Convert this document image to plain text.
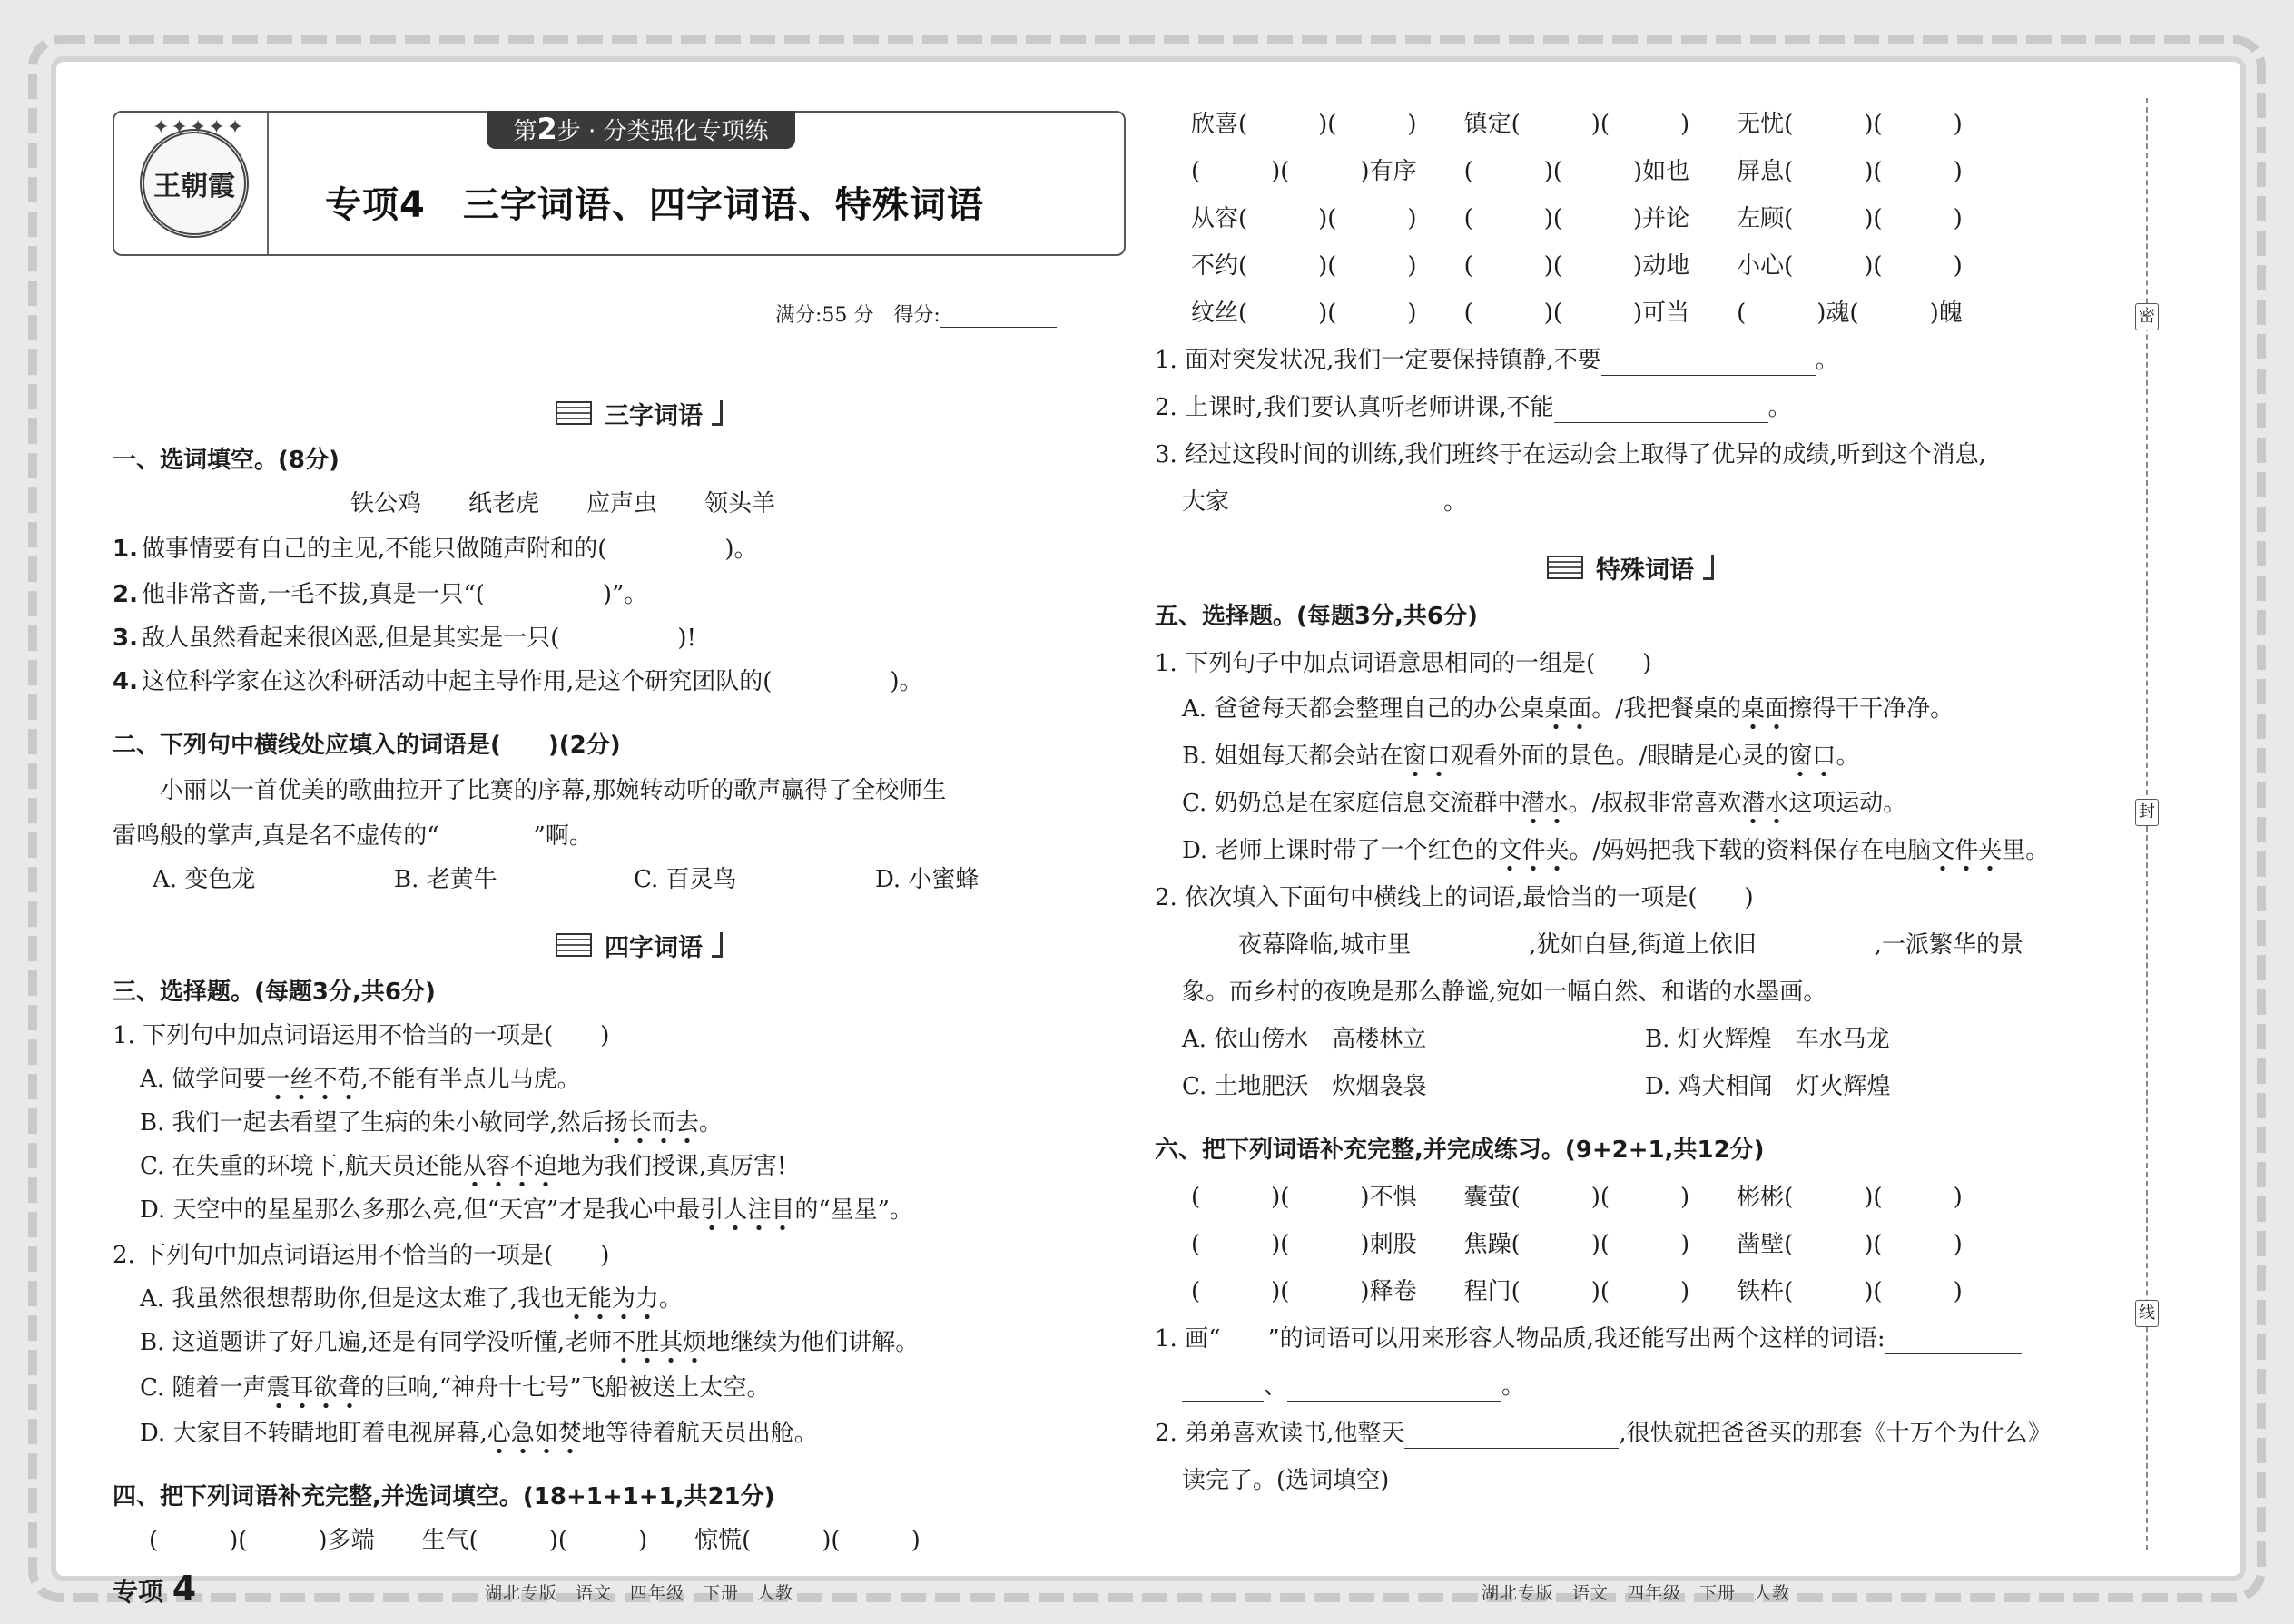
✦✦✦✦✦
王朝霞
第2步 · 分类强化专项练
专项4　三字词语、四字词语、特殊词语
满分:55 分　得分:
三字词语
一、选词填空。(8分)
铁公鸡　　纸老虎　　应声虫　　领头羊
1. 做事情要有自己的主见,不能只做随声附和的(　　　　　)。
2. 他非常吝啬,一毛不拔,真是一只“(　　　　　)”。
3. 敌人虽然看起来很凶恶,但是其实是一只(　　　　　)!
4. 这位科学家在这次科研活动中起主导作用,是这个研究团队的(　　　　　)。
二、下列句中横线处应填入的词语是(　　)(2分)
小丽以一首优美的歌曲拉开了比赛的序幕,那婉转动听的歌声赢得了全校师生
雷鸣般的掌声,真是名不虚传的“　　　　”啊。
A. 变色龙	B. 老黄牛	C. 百灵鸟	D. 小蜜蜂
四字词语
三、选择题。(每题3分,共6分)
1. 下列句中加点词语运用不恰当的一项是(　　)
A. 做学问要一丝不苟,不能有半点儿马虎。
B. 我们一起去看望了生病的朱小敏同学,然后扬长而去。
C. 在失重的环境下,航天员还能从容不迫地为我们授课,真厉害!
D. 天空中的星星那么多那么亮,但“天宫”才是我心中最引人注目的“星星”。
2. 下列句中加点词语运用不恰当的一项是(　　)
A. 我虽然很想帮助你,但是这太难了,我也无能为力。
B. 这道题讲了好几遍,还是有同学没听懂,老师不胜其烦地继续为他们讲解。
C. 随着一声震耳欲聋的巨响,“神舟十七号”飞船被送上太空。
D. 大家目不转睛地盯着电视屏幕,心急如焚地等待着航天员出舱。
四、把下列词语补充完整,并选词填空。(18+1+1+1,共21分)
(　　　)(　　　)多端　　生气(　　　)(　　　)　　惊慌(　　　)(　　　)
专项 4	湖北专版　语文　四年级　下册　人教
欣喜(　　　)(　　　)　　镇定(　　　)(　　　)　　无忧(　　　)(　　　)
(　　　)(　　　)有序　　(　　　)(　　　)如也　　屏息(　　　)(　　　)
从容(　　　)(　　　)　　(　　　)(　　　)并论　　左顾(　　　)(　　　)
不约(　　　)(　　　)　　(　　　)(　　　)动地　　小心(　　　)(　　　)
纹丝(　　　)(　　　)　　(　　　)(　　　)可当　　(　　　)魂(　　　)魄
1. 面对突发状况,我们一定要保持镇静,不要	。
2. 上课时,我们要认真听老师讲课,不能	。
3. 经过这段时间的训练,我们班终于在运动会上取得了优异的成绩,听到这个消息,
大家	。
特殊词语
五、选择题。(每题3分,共6分)
1. 下列句子中加点词语意思相同的一组是(　　)
A. 爸爸每天都会整理自己的办公桌桌面。/我把餐桌的桌面擦得干干净净。
B. 姐姐每天都会站在窗口观看外面的景色。/眼睛是心灵的窗口。
C. 奶奶总是在家庭信息交流群中潜水。/叔叔非常喜欢潜水这项运动。
D. 老师上课时带了一个红色的文件夹。/妈妈把我下载的资料保存在电脑文件夹里。
2. 依次填入下面句中横线上的词语,最恰当的一项是(　　)
夜幕降临,城市里　　　　　,犹如白昼,街道上依旧　　　　　,一派繁华的景
象。而乡村的夜晚是那么静谧,宛如一幅自然、和谐的水墨画。
A. 依山傍水　高楼林立	B. 灯火辉煌　车水马龙
C. 土地肥沃　炊烟袅袅	D. 鸡犬相闻　灯火辉煌
六、把下列词语补充完整,并完成练习。(9+2+1,共12分)
(　　　)(　　　)不惧　　囊萤(　　　)(　　　)　　彬彬(　　　)(　　　)
(　　　)(　　　)刺股　　焦躁(　　　)(　　　)　　凿壁(　　　)(　　　)
(　　　)(　　　)释卷　　程门(　　　)(　　　)　　铁杵(　　　)(　　　)
1. 画“　　”的词语可以用来形容人物品质,我还能写出两个这样的词语:
、	。
2. 弟弟喜欢读书,他整天	,很快就把爸爸买的那套《十万个为什么》
读完了。(选词填空)
湖北专版　语文　四年级　下册　人教
密
封
线
